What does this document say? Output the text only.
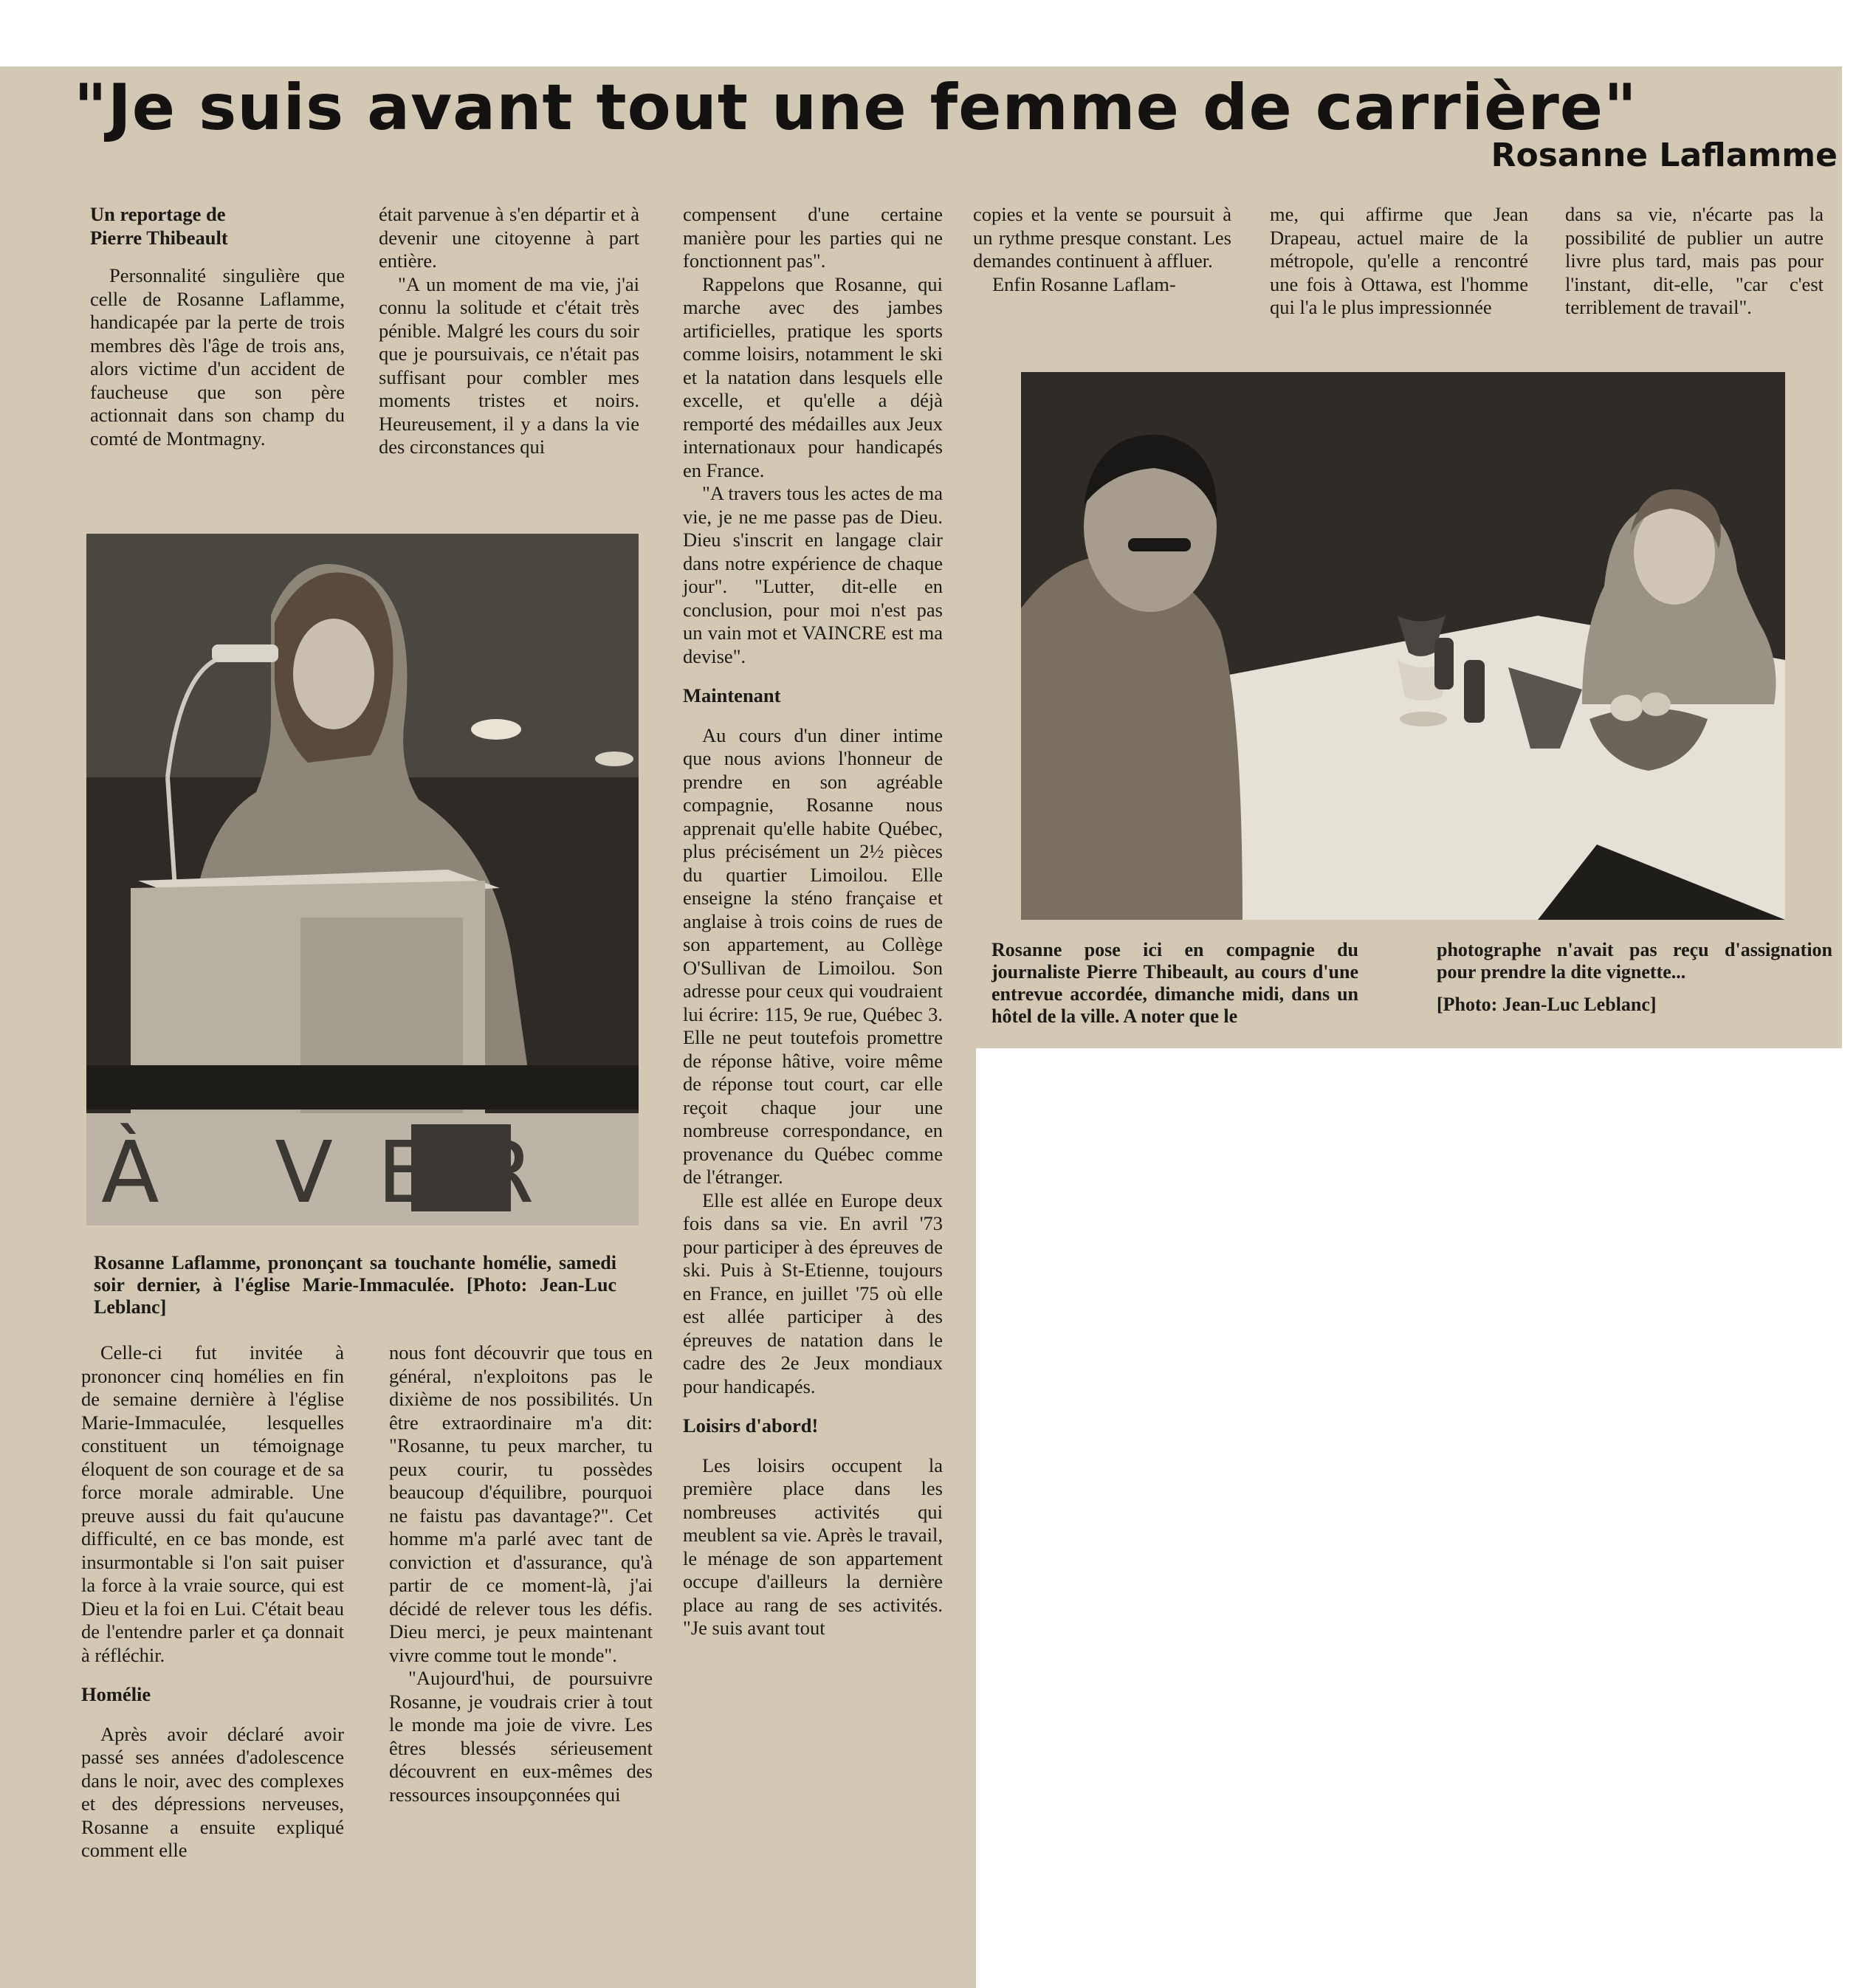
"Je suis avant tout une femme de carrière"
Rosanne Laflamme

Un reportage de
Pierre Thibeault

Personnalité singulière que celle de Rosanne Laflamme, handicapée par la perte de trois membres dès l'âge de trois ans, alors victime d'un accident de faucheuse que son père actionnait dans son champ du comté de Montmagny.

était parvenue à s'en départir et à devenir une citoyenne à part entière.

"A un moment de ma vie, j'ai connu la solitude et c'était très pénible. Malgré les cours du soir que je poursuivais, ce n'était pas suffisant pour combler mes moments tristes et noirs. Heureusement, il y a dans la vie des circonstances qui

À VER
Rosanne Laflamme, prononçant sa touchante homélie, samedi soir dernier, à l'église Marie-Immaculée. [Photo: Jean-Luc Leblanc]

Celle-ci fut invitée à prononcer cinq homélies en fin de semaine dernière à l'église Marie-Immaculée, lesquelles constituent un témoignage éloquent de son courage et de sa force morale admirable. Une preuve aussi du fait qu'aucune difficulté, en ce bas monde, est insurmontable si l'on sait puiser la force à la vraie source, qui est Dieu et la foi en Lui. C'était beau de l'entendre parler et ça donnait à réfléchir.

Homélie

Après avoir déclaré avoir passé ses années d'adolescence dans le noir, avec des complexes et des dépressions nerveuses, Rosanne a ensuite expliqué comment elle

nous font découvrir que tous en général, n'exploitons pas le dixième de nos possibilités. Un être extraordinaire m'a dit: "Rosanne, tu peux marcher, tu peux courir, tu possèdes beaucoup d'équilibre, pourquoi ne faistu pas davantage?". Cet homme m'a parlé avec tant de conviction et d'assurance, qu'à partir de ce moment-là, j'ai décidé de relever tous les défis. Dieu merci, je peux maintenant vivre comme tout le monde".

"Aujourd'hui, de poursuivre Rosanne, je voudrais crier à tout le monde ma joie de vivre. Les êtres blessés sérieusement découvrent en eux-mêmes des ressources insoupçonnées qui

compensent d'une certaine manière pour les parties qui ne fonctionnent pas".

Rappelons que Rosanne, qui marche avec des jambes artificielles, pratique les sports comme loisirs, notamment le ski et la natation dans lesquels elle excelle, et qu'elle a déjà remporté des médailles aux Jeux internationaux pour handicapés en France.

"A travers tous les actes de ma vie, je ne me passe pas de Dieu. Dieu s'inscrit en langage clair dans notre expérience de chaque jour". "Lutter, dit-elle en conclusion, pour moi n'est pas un vain mot et VAINCRE est ma devise".

Maintenant

Au cours d'un diner intime que nous avions l'honneur de prendre en son agréable compagnie, Rosanne nous apprenait qu'elle habite Québec, plus précisément un 2½ pièces du quartier Limoilou. Elle enseigne la sténo française et anglaise à trois coins de rues de son appartement, au Collège O'Sullivan de Limoilou. Son adresse pour ceux qui voudraient lui écrire: 115, 9e rue, Québec 3. Elle ne peut toutefois promettre de réponse hâtive, voire même de réponse tout court, car elle reçoit chaque jour une nombreuse correspondance, en provenance du Québec comme de l'étranger.

Elle est allée en Europe deux fois dans sa vie. En avril '73 pour participer à des épreuves de ski. Puis à St-Etienne, toujours en France, en juillet '75 où elle est allée participer à des épreuves de natation dans le cadre des 2e Jeux mondiaux pour handicapés.

Loisirs d'abord!

Les loisirs occupent la première place dans les nombreuses activités qui meublent sa vie. Après le travail, le ménage de son appartement occupe d'ailleurs la dernière place au rang de ses activités. "Je suis avant tout

copies et la vente se poursuit à un rythme presque constant. Les demandes continuent à affluer.

Enfin Rosanne Laflam-

me, qui affirme que Jean Drapeau, actuel maire de la métropole, qu'elle a rencontré une fois à Ottawa, est l'homme qui l'a le plus impressionnée

dans sa vie, n'écarte pas la possibilité de publier un autre livre plus tard, mais pas pour l'instant, dit-elle, "car c'est terriblement de travail".

Rosanne pose ici en compagnie du journaliste Pierre Thibeault, au cours d'une entrevue accordée, dimanche midi, dans un hôtel de la ville. A noter que le
photographe n'avait pas reçu d'assignation pour prendre la dite vignette...
[Photo: Jean-Luc Leblanc]
